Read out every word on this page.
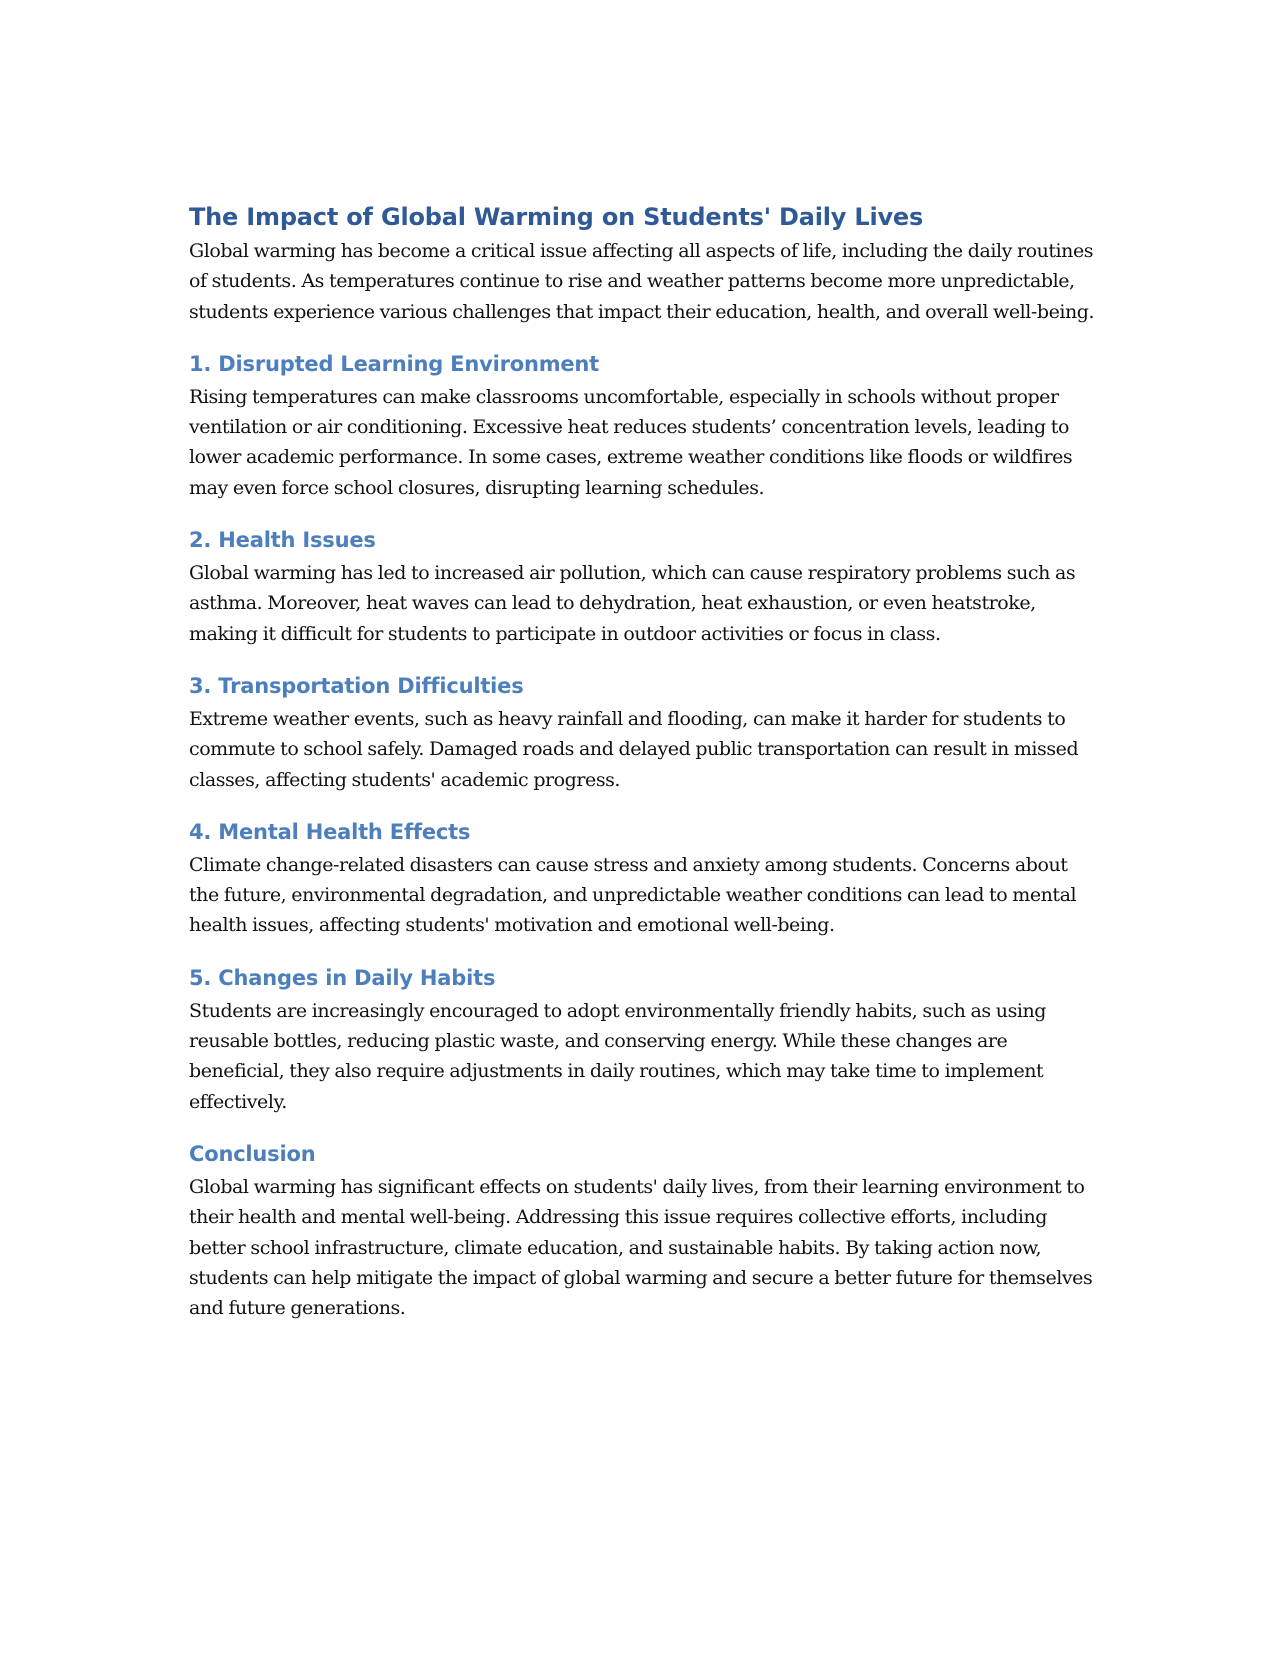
The Impact of Global Warming on Students' Daily Lives

Global warming has become a critical issue affecting all aspects of life, including the daily routines of students. As temperatures continue to rise and weather patterns become more unpredictable, students experience various challenges that impact their education, health, and overall well-being.

1. Disrupted Learning Environment

Rising temperatures can make classrooms uncomfortable, especially in schools without proper ventilation or air conditioning. Excessive heat reduces students’ concentration levels, leading to lower academic performance. In some cases, extreme weather conditions like floods or wildfires may even force school closures, disrupting learning schedules.

2. Health Issues

Global warming has led to increased air pollution, which can cause respiratory problems such as asthma. Moreover, heat waves can lead to dehydration, heat exhaustion, or even heatstroke, making it difficult for students to participate in outdoor activities or focus in class.

3. Transportation Difficulties

Extreme weather events, such as heavy rainfall and flooding, can make it harder for students to commute to school safely. Damaged roads and delayed public transportation can result in missed classes, affecting students' academic progress.

4. Mental Health Effects

Climate change-related disasters can cause stress and anxiety among students. Concerns about the future, environmental degradation, and unpredictable weather conditions can lead to mental health issues, affecting students' motivation and emotional well-being.

5. Changes in Daily Habits

Students are increasingly encouraged to adopt environmentally friendly habits, such as using reusable bottles, reducing plastic waste, and conserving energy. While these changes are beneficial, they also require adjustments in daily routines, which may take time to implement effectively.

Conclusion

Global warming has significant effects on students' daily lives, from their learning environment to their health and mental well-being. Addressing this issue requires collective efforts, including better school infrastructure, climate education, and sustainable habits. By taking action now, students can help mitigate the impact of global warming and secure a better future for themselves and future generations.
